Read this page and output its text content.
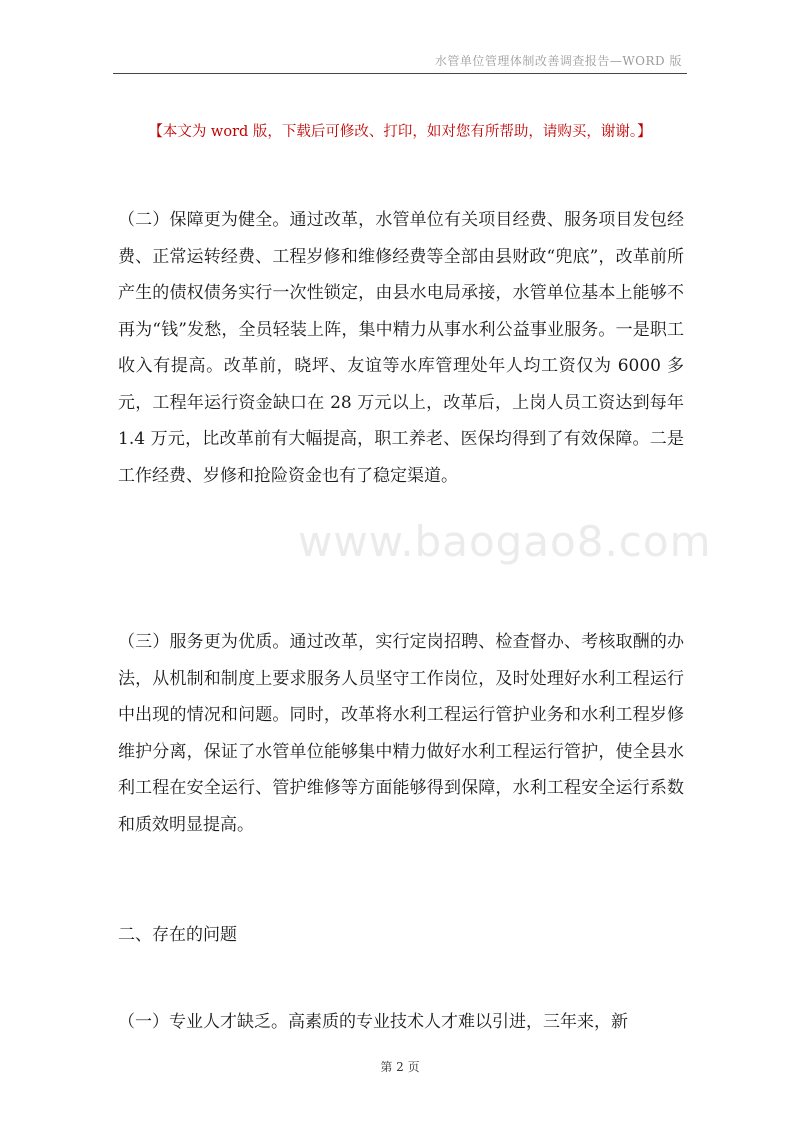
水管单位管理体制改善调查报告—WORD 版
【本文为 word 版，下载后可修改、打印，如对您有所帮助，请购买，谢谢。】
www.baogao8.com

（二）保障更为健全。通过改革，水管单位有关项目经费、服务项目发包经费、正常运转经费、工程岁修和维修经费等全部由县财政“兜底”，改革前所产生的债权债务实行一次性锁定，由县水电局承接，水管单位基本上能够不再为“钱”发愁，全员轻装上阵，集中精力从事水利公益事业服务。一是职工收入有提高。改革前，晓坪、友谊等水库管理处年人均工资仅为 6000 多元，工程年运行资金缺口在 28 万元以上，改革后，上岗人员工资达到每年 1.4 万元，比改革前有大幅提高，职工养老、医保均得到了有效保障。二是工作经费、岁修和抢险资金也有了稳定渠道。

（三）服务更为优质。通过改革，实行定岗招聘、检查督办、考核取酬的办法，从机制和制度上要求服务人员坚守工作岗位，及时处理好水利工程运行中出现的情况和问题。同时，改革将水利工程运行管护业务和水利工程岁修维护分离，保证了水管单位能够集中精力做好水利工程运行管护，使全县水利工程在安全运行、管护维修等方面能够得到保障，水利工程安全运行系数和质效明显提高。

二、存在的问题

（一）专业人才缺乏。高素质的专业技术人才难以引进，三年来，新

第 2 页
